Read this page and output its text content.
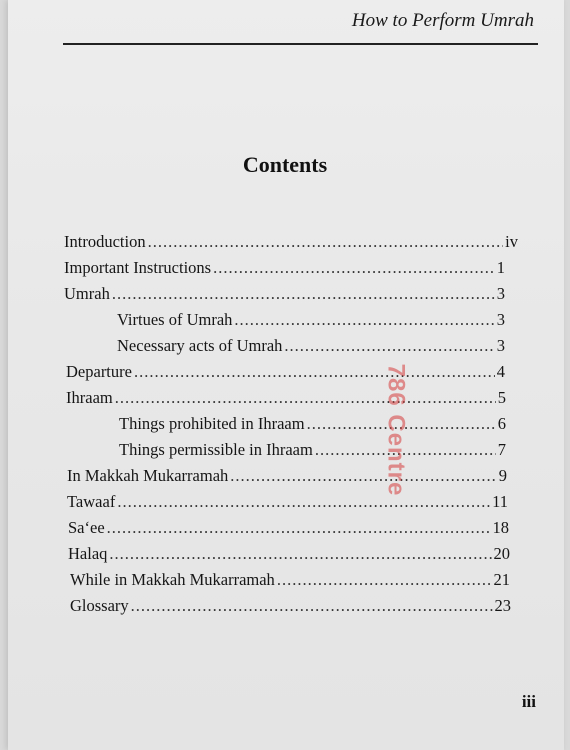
How to Perform Umrah
Contents
Introduction .....	iv
Important Instructions .....	1
Umrah .....	3
Virtues of Umrah .....	3
Necessary acts of Umrah .....	3
Departure .....	4
Ihraam .....	5
Things prohibited in Ihraam .....	6
Things permissible in Ihraam .....	7
In Makkah Mukarramah .....	9
Tawaaf .....	11
Sa‘ee .....	18
Halaq .....	20
While in Makkah Mukarramah .....	21
Glossary .....	23
786 Centre
iii
